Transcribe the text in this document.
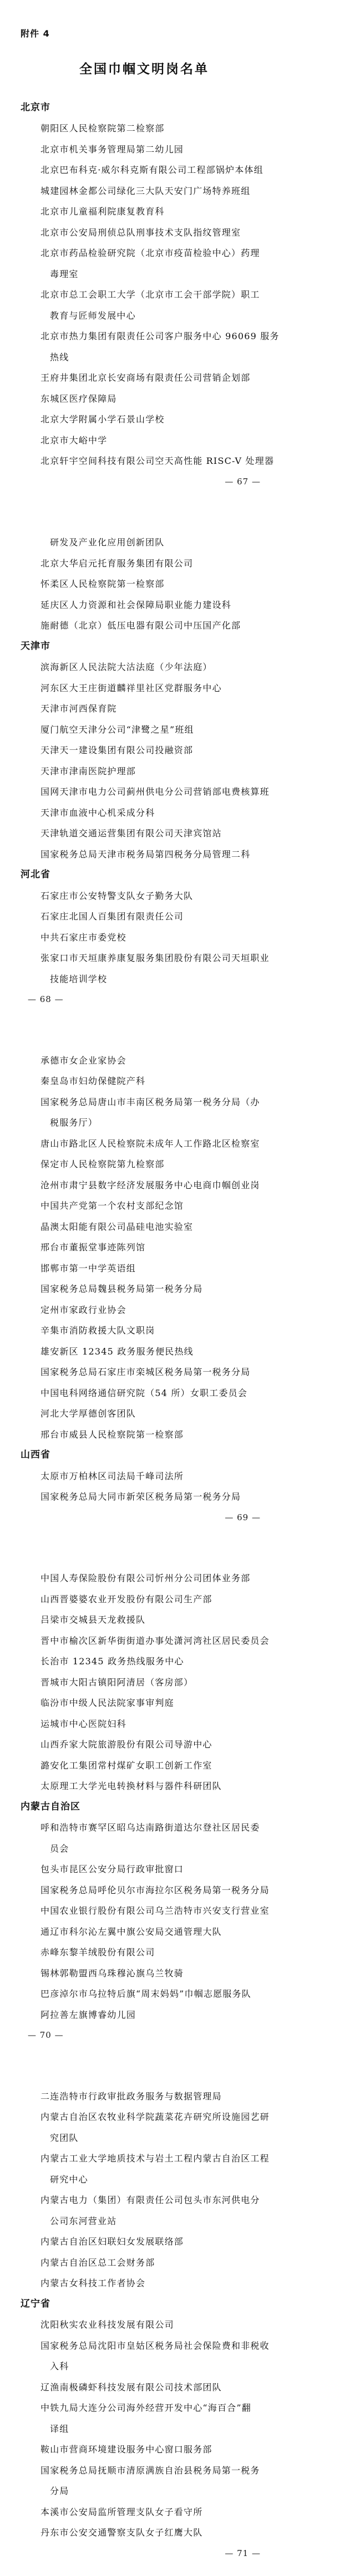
附件 4
全国巾帼文明岗名单
北京市
朝阳区人民检察院第二检察部
北京市机关事务管理局第二幼儿园
北京巴布科克·威尔科克斯有限公司工程部锅炉本体组
城建园林金都公司绿化三大队天安门广场特养班组
北京市儿童福利院康复教育科
北京市公安局刑侦总队刑事技术支队指纹管理室
北京市药品检验研究院（北京市疫苗检验中心）药理
毒理室
北京市总工会职工大学（北京市工会干部学院）职工
教育与匠师发展中心
北京市热力集团有限责任公司客户服务中心 96069 服务
热线
王府井集团北京长安商场有限责任公司营销企划部
东城区医疗保障局
北京大学附属小学石景山学校
北京市大峪中学
北京轩宇空间科技有限公司空天高性能 RISC-V 处理器
— 67 —
研发及产业化应用创新团队
北京大华启元托育服务集团有限公司
怀柔区人民检察院第一检察部
延庆区人力资源和社会保障局职业能力建设科
施耐德（北京）低压电器有限公司中压国产化部
天津市
滨海新区人民法院大沽法庭（少年法庭）
河东区大王庄街道麟祥里社区党群服务中心
天津市河西保育院
厦门航空天津分公司“津鹭之星”班组
天津天一建设集团有限公司投融资部
天津市津南医院护理部
国网天津市电力公司蓟州供电分公司营销部电费核算班
天津市血液中心机采成分科
天津轨道交通运营集团有限公司天津宾馆站
国家税务总局天津市税务局第四税务分局管理二科
河北省
石家庄市公安特警支队女子勤务大队
石家庄北国人百集团有限责任公司
中共石家庄市委党校
张家口市天垣康养康复服务集团股份有限公司天垣职业
技能培训学校
— 68 —
承德市女企业家协会
秦皇岛市妇幼保健院产科
国家税务总局唐山市丰南区税务局第一税务分局（办
税服务厅）
唐山市路北区人民检察院未成年人工作路北区检察室
保定市人民检察院第九检察部
沧州市肃宁县数字经济发展服务中心电商巾帼创业岗
中国共产党第一个农村支部纪念馆
晶澳太阳能有限公司晶硅电池实验室
邢台市董振堂事迹陈列馆
邯郸市第一中学英语组
国家税务总局魏县税务局第一税务分局
定州市家政行业协会
辛集市消防救援大队文职岗
雄安新区 12345 政务服务便民热线
国家税务总局石家庄市栾城区税务局第一税务分局
中国电科网络通信研究院（54 所）女职工委员会
河北大学厚德创客团队
邢台市威县人民检察院第一检察部
山西省
太原市万柏林区司法局千峰司法所
国家税务总局大同市新荣区税务局第一税务分局
— 69 —
中国人寿保险股份有限公司忻州分公司团体业务部
山西晋婆婆农业开发股份有限公司生产部
吕梁市交城县天龙救援队
晋中市榆次区新华街街道办事处潇河湾社区居民委员会
长治市 12345 政务热线服务中心
晋城市大阳古镇阳阿清居（客房部）
临汾市中级人民法院家事审判庭
运城市中心医院妇科
山西乔家大院旅游股份有限公司导游中心
潞安化工集团常村煤矿女职工创新工作室
太原理工大学光电转换材料与器件科研团队
内蒙古自治区
呼和浩特市赛罕区昭乌达南路街道达尔登社区居民委
员会
包头市昆区公安分局行政审批窗口
国家税务总局呼伦贝尔市海拉尔区税务局第一税务分局
中国农业银行股份有限公司乌兰浩特市兴安支行营业室
通辽市科尔沁左翼中旗公安局交通管理大队
赤峰东黎羊绒股份有限公司
锡林郭勒盟西乌珠穆沁旗乌兰牧骑
巴彦淖尔市乌拉特后旗“周末妈妈”巾帼志愿服务队
阿拉善左旗博睿幼儿园
— 70 —
二连浩特市行政审批政务服务与数据管理局
内蒙古自治区农牧业科学院蔬菜花卉研究所设施园艺研
究团队
内蒙古工业大学地质技术与岩土工程内蒙古自治区工程
研究中心
内蒙古电力（集团）有限责任公司包头市东河供电分
公司东河营业站
内蒙古自治区妇联妇女发展联络部
内蒙古自治区总工会财务部
内蒙古女科技工作者协会
辽宁省
沈阳秋实农业科技发展有限公司
国家税务总局沈阳市皇姑区税务局社会保险费和非税收
入科
辽渔南极磷虾科技发展有限公司技术部团队
中铁九局大连分公司海外经营开发中心“海百合”翻
译组
鞍山市营商环境建设服务中心窗口服务部
国家税务总局抚顺市清原满族自治县税务局第一税务
分局
本溪市公安局监所管理支队女子看守所
丹东市公安交通警察支队女子红鹰大队
— 71 —
